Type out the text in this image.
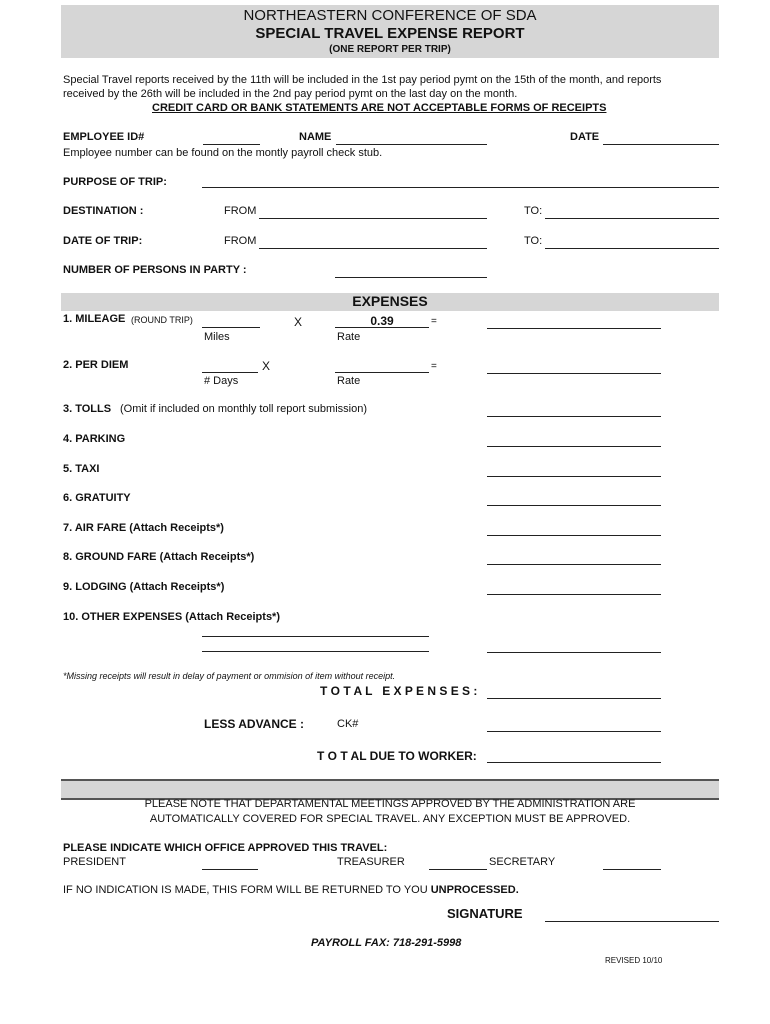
NORTHEASTERN CONFERENCE OF SDA
SPECIAL TRAVEL EXPENSE REPORT
(ONE REPORT PER TRIP)
Special Travel reports received by the 11th will be included in the 1st pay period pymt on the 15th of the month, and reports
received by the 26th will be included in the 2nd pay period pymt on the last day on the month.
CREDIT CARD OR BANK STATEMENTS ARE NOT ACCEPTABLE FORMS OF RECEIPTS
EMPLOYEE ID#	NAME	DATE
Employee number can be found on the montly payroll check stub.
PURPOSE OF TRIP:
DESTINATION :	FROM	TO:
DATE OF TRIP:	FROM	TO:
NUMBER OF PERSONS IN PARTY :
EXPENSES
1. MILEAGE (ROUND TRIP)	X	0.39	=
Miles	Rate
2. PER DIEM	X	=
# Days	Rate
3. TOLLS (Omit if included on monthly toll report submission)
4. PARKING
5. TAXI
6. GRATUITY
7. AIR FARE (Attach Receipts*)
8. GROUND FARE (Attach Receipts*)
9. LODGING (Attach Receipts*)
10. OTHER EXPENSES (Attach Receipts*)
*Missing receipts will result in delay of payment or ommision of item without receipt.
T O T A L   E X P E N S E S :
LESS ADVANCE :	CK#
T O T AL DUE TO WORKER:
PLEASE NOTE THAT DEPARTAMENTAL MEETINGS APPROVED BY THE ADMINISTRATION ARE
AUTOMATICALLY COVERED FOR SPECIAL TRAVEL. ANY EXCEPTION MUST BE APPROVED.
PLEASE INDICATE WHICH OFFICE APPROVED THIS TRAVEL:
PRESIDENT	TREASURER	SECRETARY
IF NO INDICATION IS MADE, THIS FORM WILL BE RETURNED TO YOU UNPROCESSED.
SIGNATURE
PAYROLL FAX: 718-291-5998
REVISED 10/10
